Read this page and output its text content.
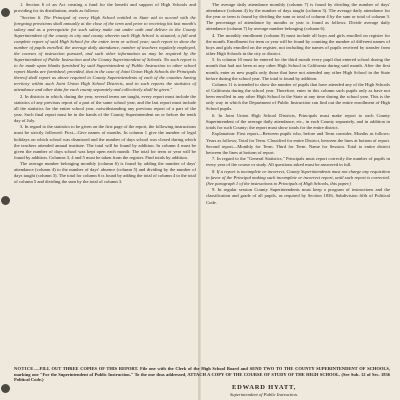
1. Section 6 of an Act creating a fund for the benefit and support of High Schools and providing for its distribution, reads as follows:

"Section 6. The Principal of every High School entitled to State aid to accord with the foregoing provisions shall annually at the close of the term and prior to receiving his last month's salary and as a prerequisite for such salary make out under oath and deliver to the County Superintendent of the county in city and county wherein such High School is situated, a full and complete report of said High School for the entire term or school year; such report to show the number of pupils enrolled, the average daily attendance, number of teachers regularly employed, the courses of instruction pursued, and such other information as may be required by the Superintendent of Public Instruction and the County Superintendent of Schools. No such report is to be made upon blanks furnished by said Superintendent of Public Instruction to other school report blanks are furnished; provided, that in the case of Joint Union High Schools the Principals thereof shall report as above required to County Superintendents of each of the counties having territory within such Joint Union High School Districts, and in such reports the statistics of attendance and other data for each county separately and collectively shall be given."

2. In districts in which, during the year, several terms are taught, every report must include the statistics of any previous report of a part of the same school year, and the last report must include all the statistics for the entire school year, notwithstanding any previous report of a part of the year. Such final report must be in the hands of the County Superintendent on or before the tenth day of July.

3. In regard to the statistics to be given on the first page of the report, the following instructions must be strictly followed: First—Give names of months. In column 1 give the number of legal holidays on which school was dismissed and the number of days school was closed during which the teachers attended annual institute. The total will be found by addition. In column 4 must be given the number of days school was kept open each month. The total for term or year will be found by addition. Columns 3, 4 and 5 must be taken from the register. Find totals by addition.

The average number belonging monthly (column 6) is found by adding the number of days' attendance (column 4) to the number of days' absence (column 5) and dividing by the number of days taught (column 3). The total for column 6 is found by adding the total of column 4 to the total of column 5 and dividing the sum by the total of column 3.

The average daily attendance monthly (column 7) is found by dividing the number of days' attendance (column 4) by the number of days taught (column 3). The average daily attendance for the year or term is found by dividing the sum or total of column 4 by the sum or total of column 3. The percentage of attendance by months or year is found as follows: Divide average daily attendance (column 7) by average number belonging (column 6).

4. The monthly enrollment (column 8) must include all boys and girls enrolled on register for the month. Enrollment for term or year will be found by counting the number of different names of boys and girls enrolled on the register, not including the names of pupils received by transfer from other High Schools in the city or district.

5. In column 10 must be entered for the third month every pupil that entered school during the month that had not been at any other High School in California during said month. After the first month, enter as new pupils only those that have not attended any other High School in the State before during the school year. The total is found by addition.

Column 11 is intended to show the number of pupils that have attended any of the High Schools of California during the school year. Therefore, enter in this column such pupils only as have not been enrolled in any other High School in the State at any time during the school year. This is the only way in which the Department of Public Instruction can find out the entire enrollment of High School pupils.

6. In Joint Union High School Districts, Principals must make report to each County Superintendent of the average daily attendance, etc., in each County separately, and in addition in totals for such County; the report must show totals for the entire district.

Explanation: First report—Between pupils who, before and Term consider, Months as follows: Years as follows; Total for Term. Classified for entire District, between the lines at bottom of report. Second report—Monthly for Term. Third for Term. Name for Session. Total to entire district between the lines at bottom of report.

7. In regard to the "General Statistics," Principals must report correctly the number of pupils in every year of the course or study. All questions asked must be answered in full.

8. If a report is incomplete or incorrect, County Superintendents must not charge any requisition in favor of the Principal making such incomplete or incorrect report, until such report is corrected. (See paragraph 1 of the instructions to Principals of High Schools, this paper.)

9. In regular session County Superintendents must keep a program of instructions and the classification and grade of all pupils, as required by Section 1836, Subdivision fifth of Political Code.

NOTICE.—FILL OUT THREE COPIES OF THIS REPORT. File one with the Clerk of the High School Board and SEND TWO TO THE COUNTY SUPERINTENDENT OF SCHOOLS, marking one "For the Superintendent of Public Instruction." To the one thus addressed, ATTACH A COPY OF THE COURSE OF STUDY OF THE HIGH SCHOOL. (See Sub. 12 of Sec. 1836 Political Code.)
EDWARD HYATT,
Superintendent of Public Instruction.
